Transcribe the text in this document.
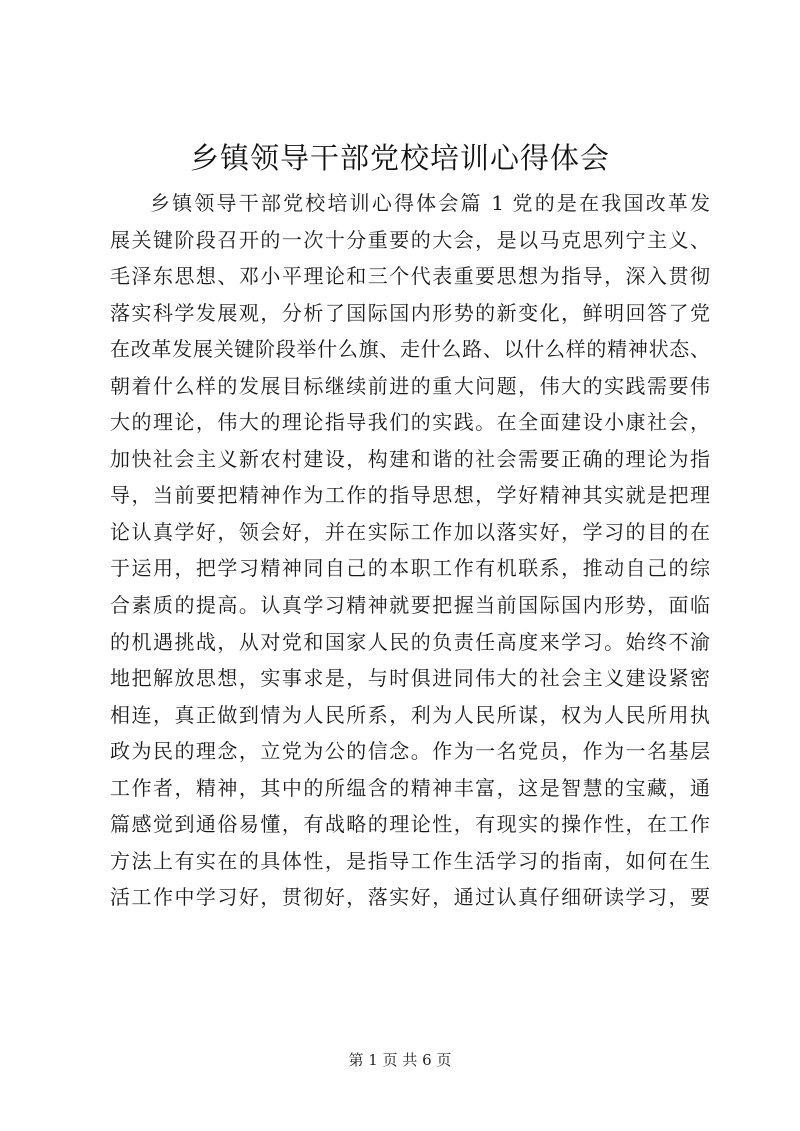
乡镇领导干部党校培训心得体会
乡镇领导干部党校培训心得体会篇 1 党的是在我国改革发
展关键阶段召开的一次十分重要的大会，是以马克思列宁主义、
毛泽东思想、邓小平理论和三个代表重要思想为指导，深入贯彻
落实科学发展观，分析了国际国内形势的新变化，鲜明回答了党
在改革发展关键阶段举什么旗、走什么路、以什么样的精神状态、
朝着什么样的发展目标继续前进的重大问题，伟大的实践需要伟
大的理论，伟大的理论指导我们的实践。在全面建设小康社会，
加快社会主义新农村建设，构建和谐的社会需要正确的理论为指
导，当前要把精神作为工作的指导思想，学好精神其实就是把理
论认真学好，领会好，并在实际工作加以落实好，学习的目的在
于运用，把学习精神同自己的本职工作有机联系，推动自己的综
合素质的提高。认真学习精神就要把握当前国际国内形势，面临
的机遇挑战，从对党和国家人民的负责任高度来学习。始终不渝
地把解放思想，实事求是，与时俱进同伟大的社会主义建设紧密
相连，真正做到情为人民所系，利为人民所谋，权为人民所用执
政为民的理念，立党为公的信念。作为一名党员，作为一名基层
工作者，精神，其中的所缊含的精神丰富，这是智慧的宝藏，通
篇感觉到通俗易懂，有战略的理论性，有现实的操作性，在工作
方法上有实在的具体性，是指导工作生活学习的指南，如何在生
活工作中学习好，贯彻好，落实好，通过认真仔细研读学习，要
第 1 页 共 6 页
